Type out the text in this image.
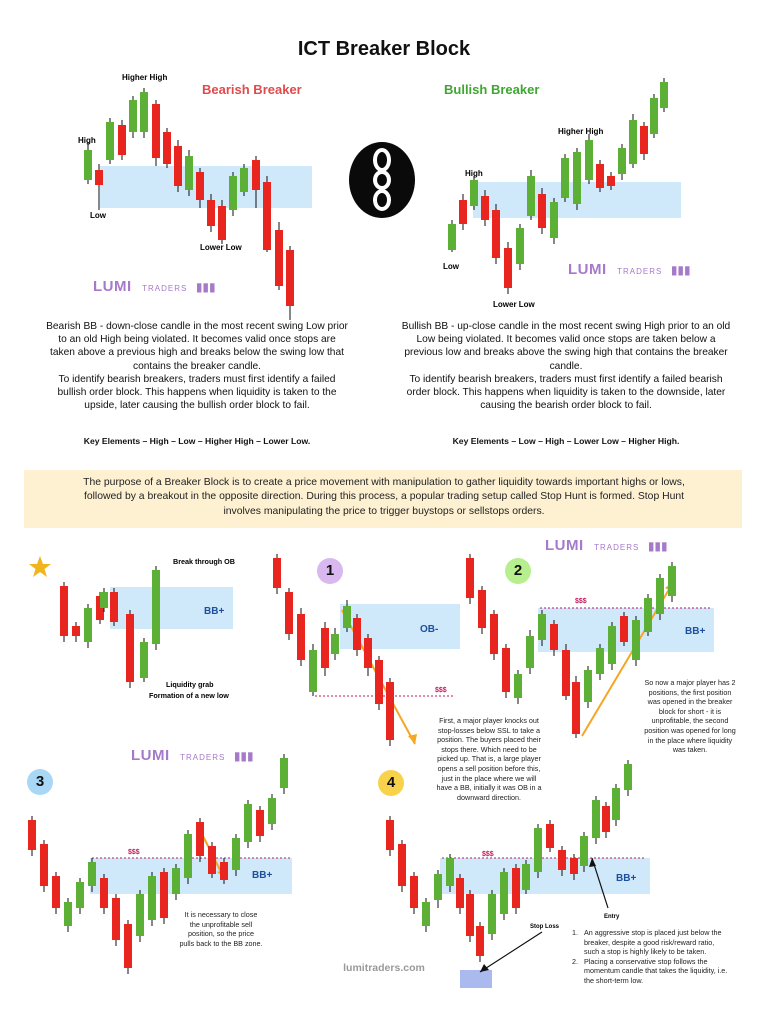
ICT Breaker Block
Bearish Breaker
Higher High
High
Low
Lower Low
LUMI TRADERS ▮▮▮
Bullish Breaker
Higher High
High
Low
Lower Low
LUMI TRADERS ▮▮▮
Bearish BB - down-close candle in the most recent swing Low prior
to an old High being violated. It becomes valid once stops are
taken above a previous high and breaks below the swing low that
contains the breaker candle.
To identify bearish breakers, traders must first identify a failed
bullish order block. This happens when liquidity is taken to the
upside, later causing the bullish order block to fail.
Key Elements – High – Low – Higher High – Lower Low.
Bullish BB - up-close candle in the most recent swing High prior to an old
Low being violated. It becomes valid once stops are taken below a
previous low and breaks above the swing high that contains the breaker
candle.
To identify bearish breakers, traders must first identify a failed bearish
order block. This happens when liquidity is taken to the downside, later
causing the bearish order block to fail.
Key Elements – Low – High – Lower Low – Higher High.
The purpose of a Breaker Block is to create a price movement with manipulation to gather liquidity towards important highs or lows,
followed by a breakout in the opposite direction. During this process, a popular trading setup called Stop Hunt is formed. Stop Hunt
involves manipulating the price to trigger buystops or sellstops orders.
Break through OB
BB+
Liquidity grab
Formation of a new low
1
OB-
$$$
First, a major player knocks out
stop-losses below SSL to take a
position. The buyers placed their
stops there. Which need to be
picked up. That is, a large player
opens a sell position before this,
just in the place where we will
have a BB, initially it was OB in a
downward direction.
LUMI TRADERS ▮▮▮
2
BB+
$$$
So now a major player has 2
positions, the first position
was opened in the breaker
block for short - it is
unprofitable, the second
position was opened for long
in the place where liquidity
was taken.
LUMI TRADERS ▮▮▮
3
BB+
$$$
It is necessary to close
the unprofitable sell
position, so the price
pulls back to the BB zone.
4
BB+
$$$
Entry
Stop Loss
1. An aggressive stop is placed just below the
breaker, despite a good risk/reward ratio,
such a stop is highly likely to be taken.
2. Placing a conservative stop follows the
momentum candle that takes the liquidity, i.e.
the short-term low.
lumitraders.com
